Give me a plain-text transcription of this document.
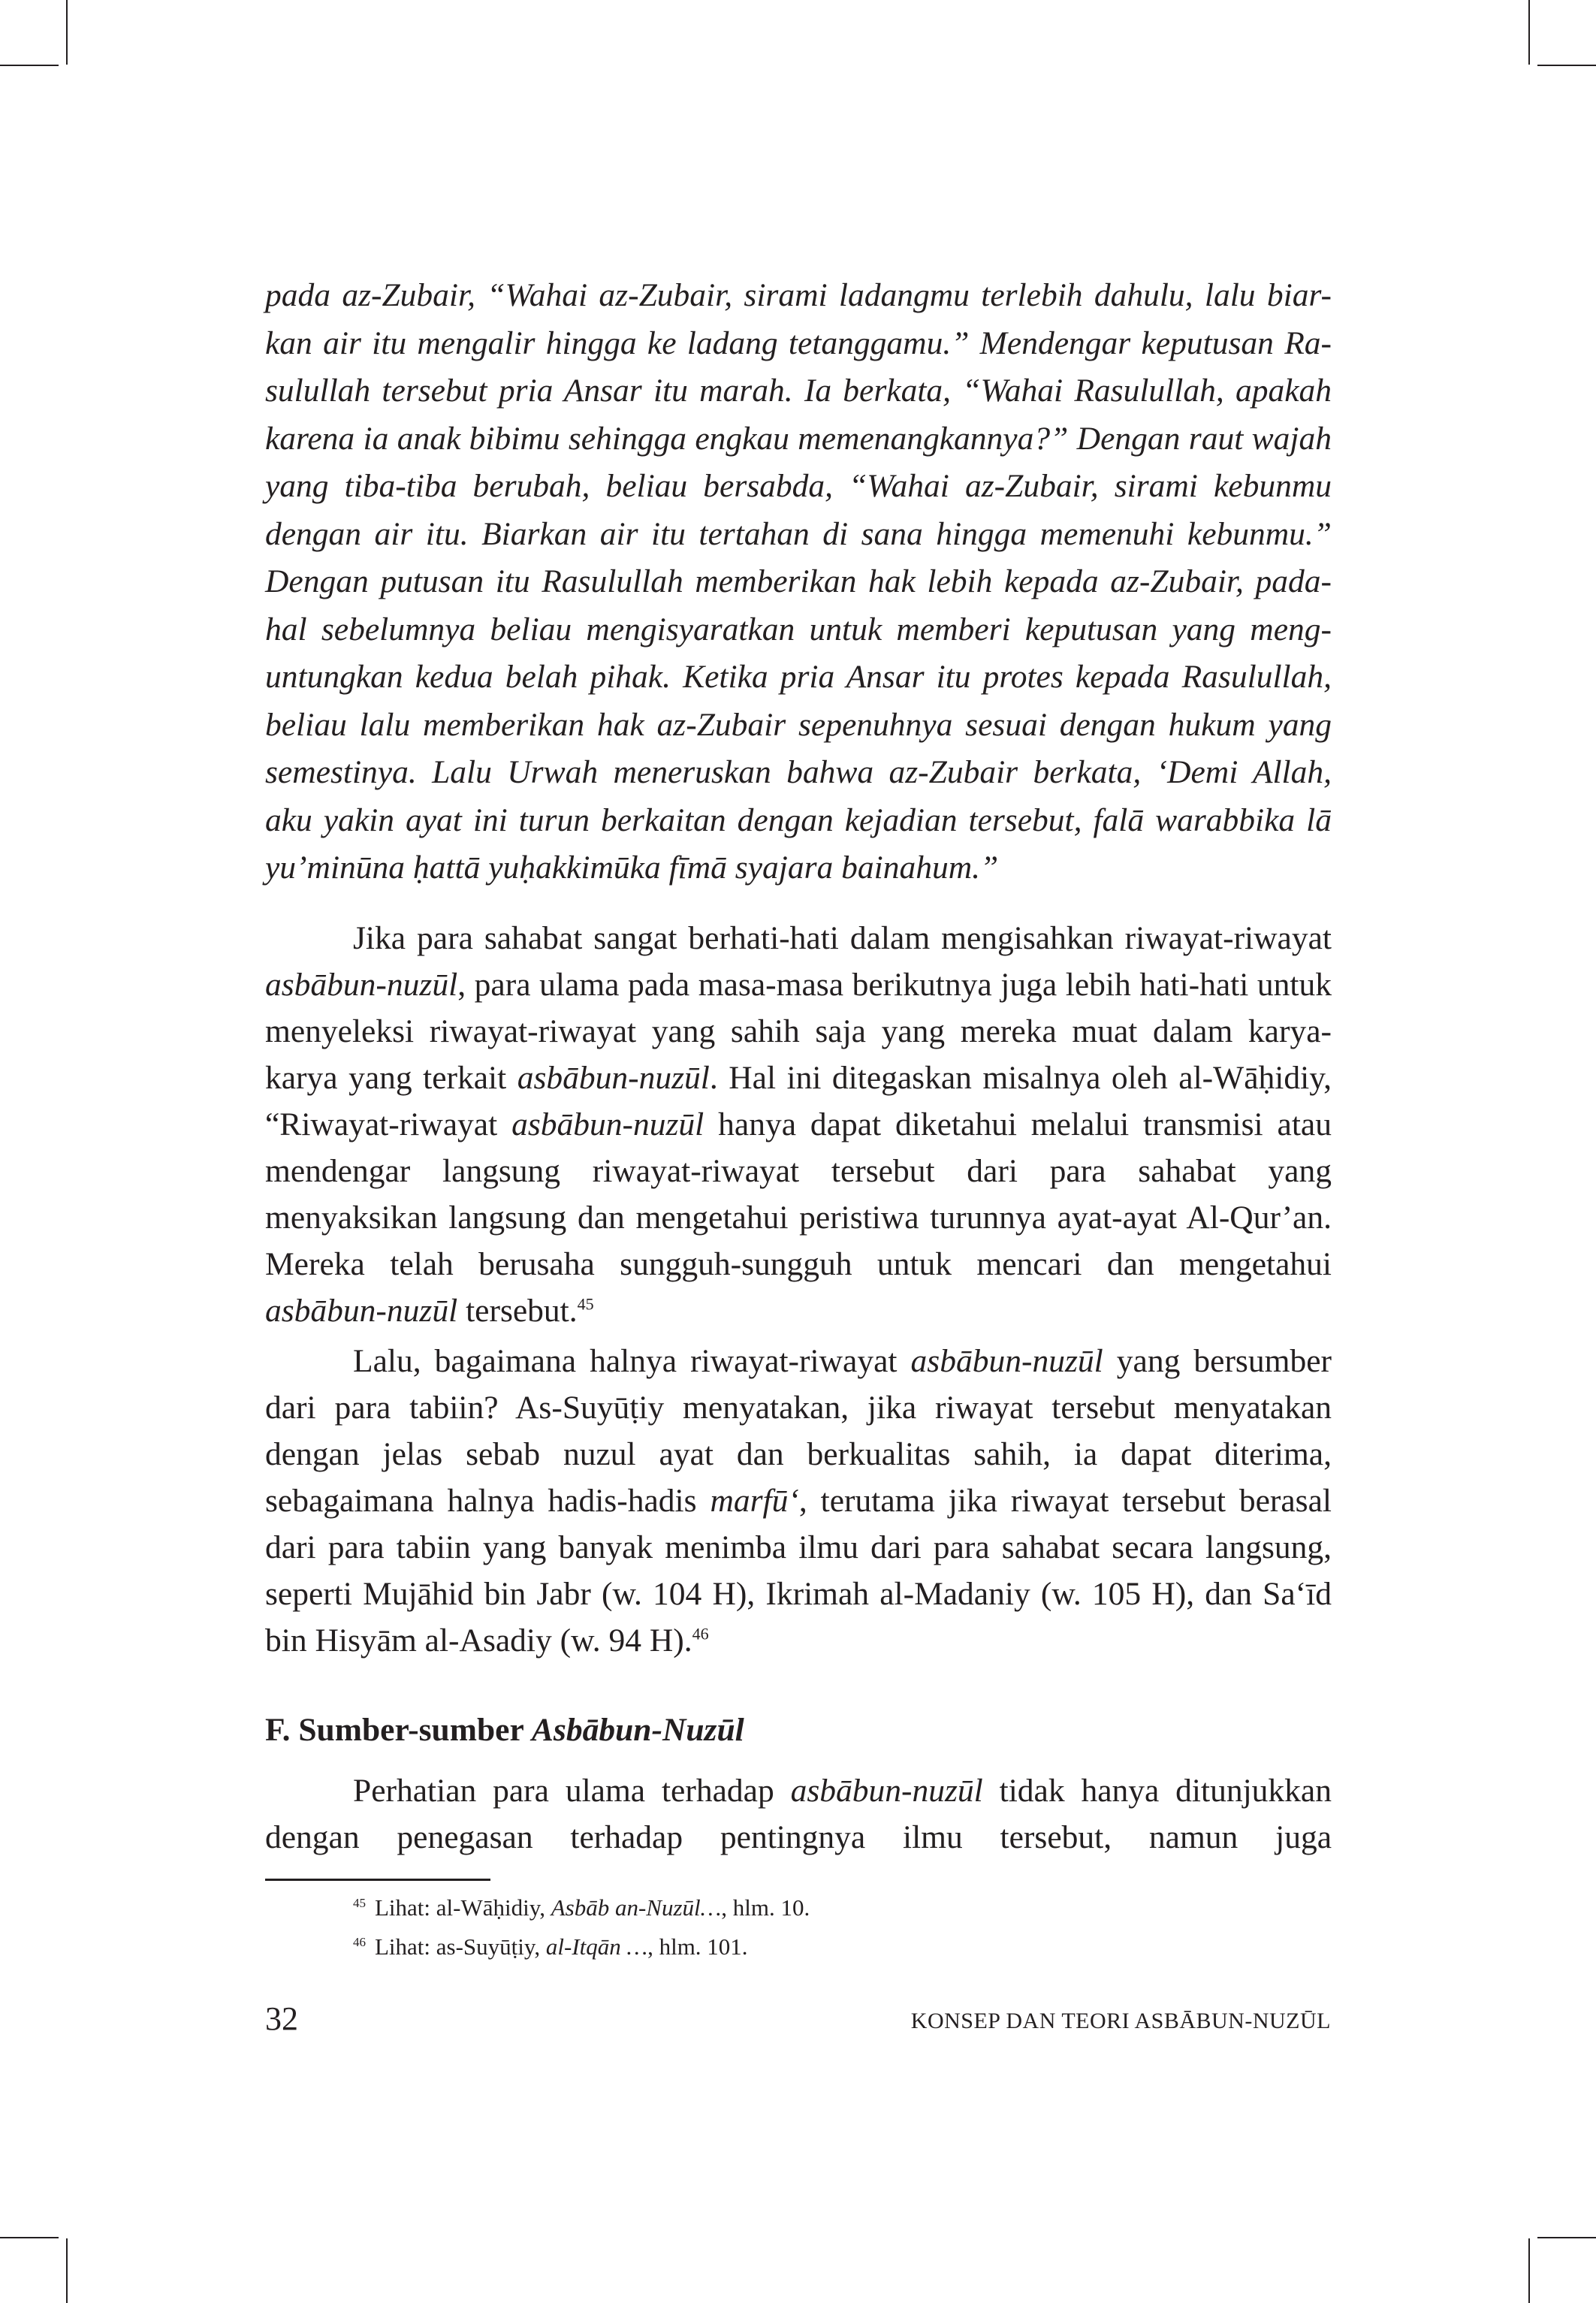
pada az-Zubair, “Wahai az-Zubair, sirami ladangmu terlebih dahulu, lalu biar-

kan air itu mengalir hingga ke ladang tetanggamu.” Mendengar keputusan Ra-

sulullah tersebut pria Ansar itu marah. Ia berkata, “Wahai Rasulullah, apakah

karena ia anak bibimu sehingga engkau memenangkannya?” Dengan raut wajah

yang tiba-tiba berubah, beliau bersabda, “Wahai az-Zubair, sirami kebunmu

dengan air itu. Biarkan air itu tertahan di sana hingga memenuhi kebunmu.”

Dengan putusan itu Rasulullah memberikan hak lebih kepada az-Zubair, pada-

hal sebelumnya beliau mengisyaratkan untuk memberi keputusan yang meng-

untungkan kedua belah pihak. Ketika pria Ansar itu protes kepada Rasulullah,

beliau lalu memberikan hak az-Zubair sepenuhnya sesuai dengan hukum yang

semestinya. Lalu Urwah meneruskan bahwa az-Zubair berkata, ‘Demi Allah,

aku yakin ayat ini turun berkaitan dengan kejadian tersebut, falā warabbika lā

yu’minūna ḥattā yuḥakkimūka fīmā syajara bainahum.”

Jika para sahabat sangat berhati-hati dalam mengisahkan riwayat-riwayat asbābun-nuzūl, para ulama pada masa-masa berikutnya juga lebih hati-hati untuk menyeleksi riwayat-riwayat yang sahih saja yang mereka muat dalam karya-karya yang terkait asbābun-nuzūl. Hal ini ditegaskan misalnya oleh al-Wāḥidiy, “Riwayat-riwayat asbābun-nuzūl hanya dapat diketahui melalui transmisi atau mendengar langsung riwayat-riwayat tersebut dari para sahabat yang menyaksikan langsung dan mengetahui peristiwa turunnya ayat-ayat Al-Qur’an. Mereka telah berusaha sungguh-sungguh untuk mencari dan mengetahui asbābun-nuzūl tersebut.$^{45}$

Lalu, bagaimana halnya riwayat-riwayat asbābun-nuzūl yang bersumber dari para tabiin? As-Suyūṭiy menyatakan, jika riwayat tersebut menyatakan dengan jelas sebab nuzul ayat dan berkualitas sahih, ia dapat diterima, sebagaimana halnya hadis-hadis marfū‘, terutama jika riwayat tersebut berasal dari para tabiin yang banyak menimba ilmu dari para sahabat secara langsung, seperti Mujāhid bin Jabr (w. 104 H), Ikrimah al-Madaniy (w. 105 H), dan Sa‘īd bin Hisyām al-Asadiy (w. 94 H).$^{46}$

F. Sumber-sumber Asbābun-Nuzūl

Perhatian para ulama terhadap asbābun-nuzūl tidak hanya ditunjukkan dengan penegasan terhadap pentingnya ilmu tersebut, namun juga

$^{45}$ Lihat: al-Wāḥidiy, Asbāb an-Nuzūl…, hlm. 10.
$^{46}$ Lihat: as-Suyūṭiy, al-Itqān …, hlm. 101.
32	KONSEP DAN TEORI ASBĀBUN-NUZŪL
